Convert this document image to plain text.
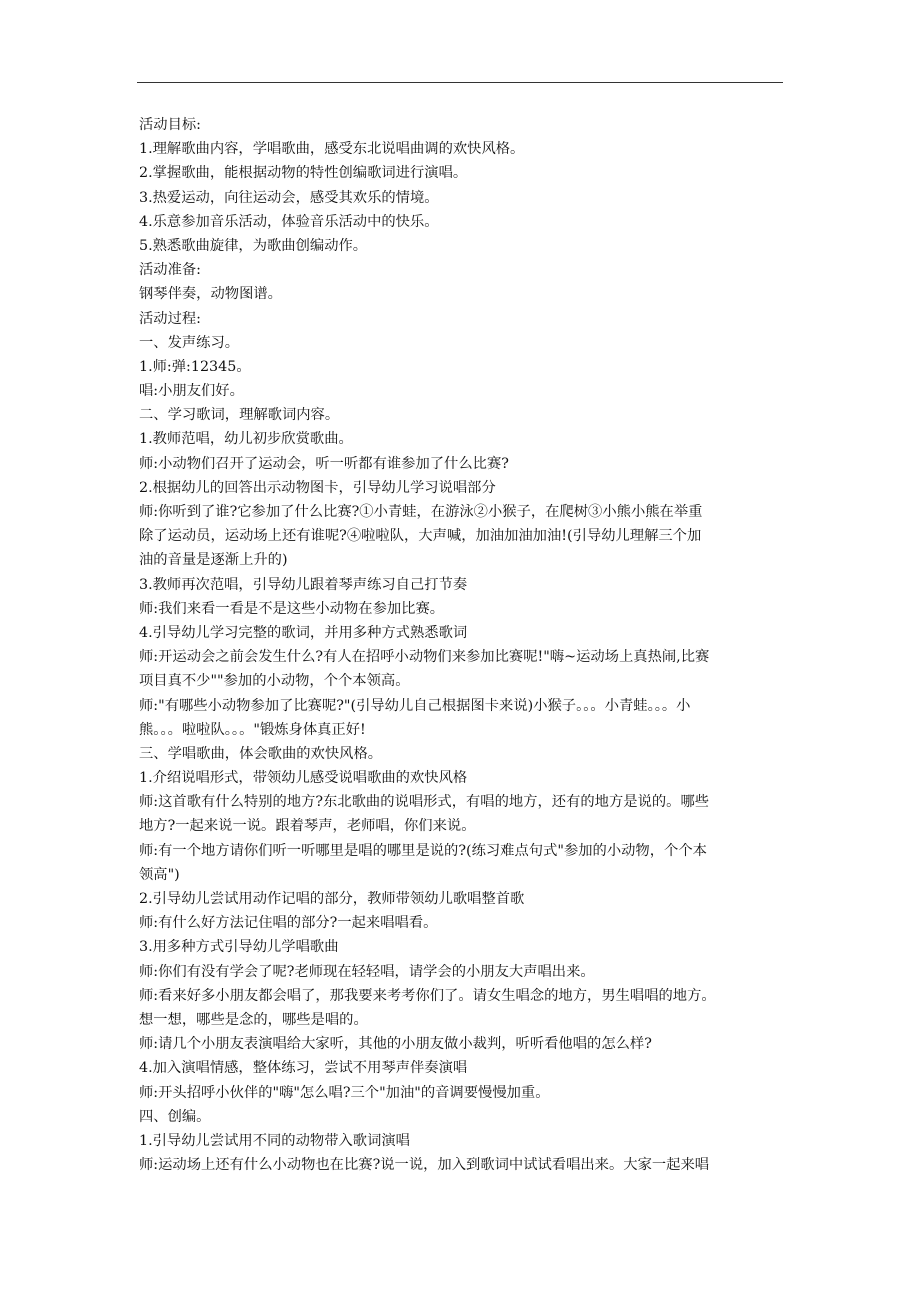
活动目标:
1.理解歌曲内容，学唱歌曲，感受东北说唱曲调的欢快风格。
2.掌握歌曲，能根据动物的特性创编歌词进行演唱。
3.热爱运动，向往运动会，感受其欢乐的情境。
4.乐意参加音乐活动，体验音乐活动中的快乐。
5.熟悉歌曲旋律，为歌曲创编动作。
活动准备:
钢琴伴奏，动物图谱。
活动过程:
一、发声练习。
1.师:弹:12345。
唱:小朋友们好。
二、学习歌词，理解歌词内容。
1.教师范唱，幼儿初步欣赏歌曲。
师:小动物们召开了运动会，听一听都有谁参加了什么比赛?
2.根据幼儿的回答出示动物图卡，引导幼儿学习说唱部分
师:你听到了谁?它参加了什么比赛?①小青蛙，在游泳②小猴子，在爬树③小熊小熊在举重
除了运动员，运动场上还有谁呢?④啦啦队，大声喊，加油加油加油!(引导幼儿理解三个加
油的音量是逐渐上升的)
3.教师再次范唱，引导幼儿跟着琴声练习自己打节奏
师:我们来看一看是不是这些小动物在参加比赛。
4.引导幼儿学习完整的歌词，并用多种方式熟悉歌词
师:开运动会之前会发生什么?有人在招呼小动物们来参加比赛呢!"嗨~运动场上真热闹,比赛
项目真不少""参加的小动物，个个本领高。
师:"有哪些小动物参加了比赛呢?"(引导幼儿自己根据图卡来说)小猴子。。。小青蛙。。。小
熊。。。啦啦队。。。"锻炼身体真正好!
三、学唱歌曲，体会歌曲的欢快风格。
1.介绍说唱形式，带领幼儿感受说唱歌曲的欢快风格
师:这首歌有什么特别的地方?东北歌曲的说唱形式，有唱的地方，还有的地方是说的。哪些
地方?一起来说一说。跟着琴声，老师唱，你们来说。
师:有一个地方请你们听一听哪里是唱的哪里是说的?(练习难点句式"参加的小动物，个个本
领高")
2.引导幼儿尝试用动作记唱的部分，教师带领幼儿歌唱整首歌
师:有什么好方法记住唱的部分?一起来唱唱看。
3.用多种方式引导幼儿学唱歌曲
师:你们有没有学会了呢?老师现在轻轻唱，请学会的小朋友大声唱出来。
师:看来好多小朋友都会唱了，那我要来考考你们了。请女生唱念的地方，男生唱唱的地方。
想一想，哪些是念的，哪些是唱的。
师:请几个小朋友表演唱给大家听，其他的小朋友做小裁判，听听看他唱的怎么样?
4.加入演唱情感，整体练习，尝试不用琴声伴奏演唱
师:开头招呼小伙伴的"嗨"怎么唱?三个"加油"的音调要慢慢加重。
四、创编。
1.引导幼儿尝试用不同的动物带入歌词演唱
师:运动场上还有什么小动物也在比赛?说一说，加入到歌词中试试看唱出来。大家一起来唱
